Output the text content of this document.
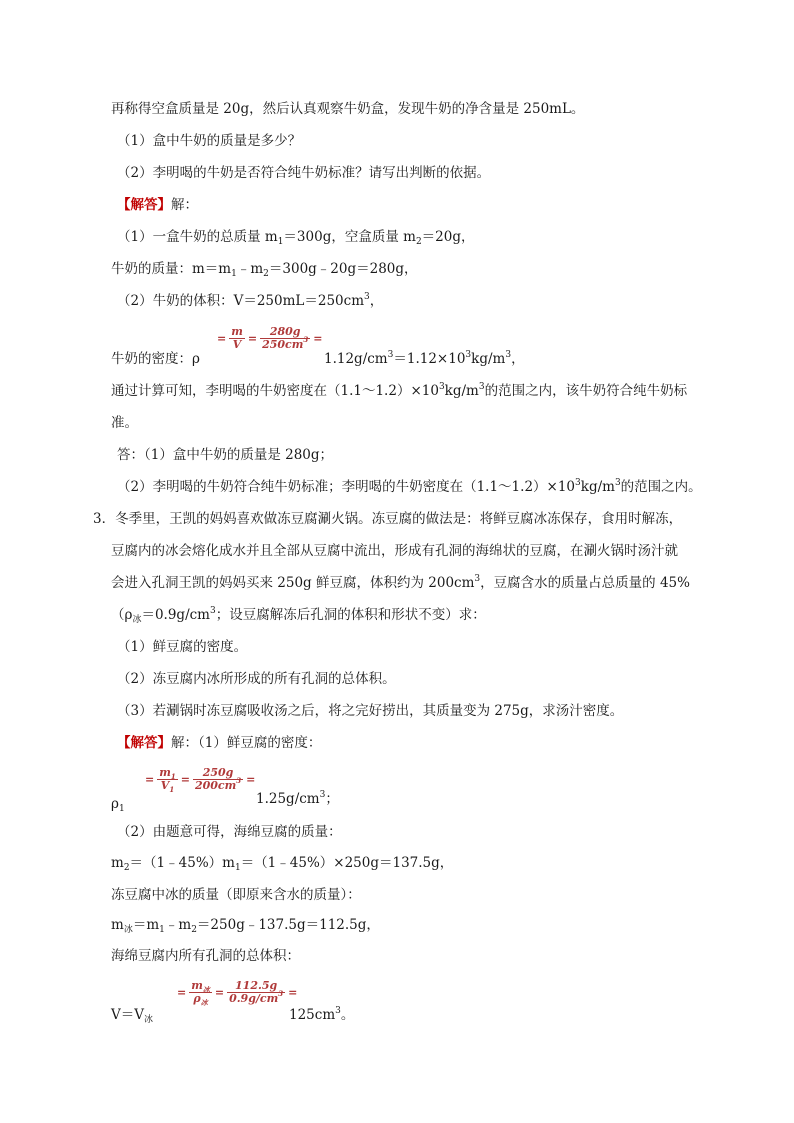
再称得空盒质量是 20g，然后认真观察牛奶盒，发现牛奶的净含量是 250mL。
（1）盒中牛奶的质量是多少？
（2）李明喝的牛奶是否符合纯牛奶标准？请写出判断的依据。
【解答】解：
（1）一盒牛奶的总质量 $m_1=300g$，空盒质量 $m_2=20g$，
牛奶的质量：$m=m_1﹣m_2=300g﹣20g=280g$，
（2）牛奶的体积：$V=250mL=250cm^3$，
牛奶的密度：ρ
= $\frac{m}{V} = \frac{280g}{250cm^3}$ =
$1.12g/cm^3=1.12\times 10^3kg/m^3$，
通过计算可知，李明喝的牛奶密度在$(1.1\sim 1.2)\times 10^3kg/m^3$的范围之内，该牛奶符合纯牛奶标
准。
答：（1）盒中牛奶的质量是 280g；
（2）李明喝的牛奶符合纯牛奶标准；李明喝的牛奶密度在$(1.1\sim 1.2)\times 10^3kg/m^3$的范围之内。
3．冬季里，王凯的妈妈喜欢做冻豆腐涮火锅。冻豆腐的做法是：将鲜豆腐冰冻保存，食用时解冻，
豆腐内的冰会熔化成水并且全部从豆腐中流出，形成有孔洞的海绵状的豆腐，在涮火锅时汤汁就
会进入孔洞王凯的妈妈买来 250g 鲜豆腐，体积约为 $200cm^3$，豆腐含水的质量占总质量的 45%
（$\rho_冰=0.9g/cm^3$；设豆腐解冻后孔洞的体积和形状不变）求：
（1）鲜豆腐的密度。
（2）冻豆腐内冰所形成的所有孔洞的总体积。
（3）若涮锅时冻豆腐吸收汤之后，将之完好捞出，其质量变为 275g，求汤汁密度。
【解答】解：（1）鲜豆腐的密度：
$\rho_1$
= $\frac{m_1}{V_1} = \frac{250g}{200cm^3}$ =
$1.25g/cm^3$；
（2）由题意可得，海绵豆腐的质量：
$m_2=(1﹣45\%)m_1=(1﹣45\%)\times 250g=137.5g$，
冻豆腐中冰的质量（即原来含水的质量）：
$m_冰=m_1﹣m_2=250g﹣137.5g=112.5g$，
海绵豆腐内所有孔洞的总体积：
$V=V_冰$
= $\frac{m_冰}{\rho_冰} = \frac{112.5g}{0.9g/cm^3}$ =
$125cm^3$。
